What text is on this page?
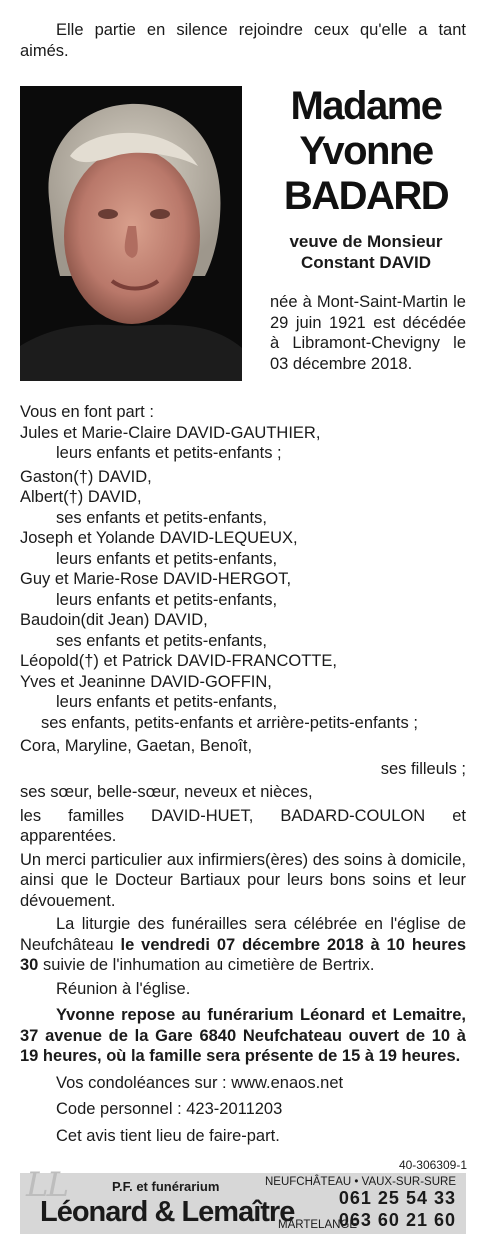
Elle partie en silence rejoindre ceux qu'elle a tant aimés.

Madame
Yvonne
BADARD
veuve de Monsieur
Constant DAVID

née à Mont-Saint-Martin le 29 juin 1921 est décédée à Libramont-Chevigny le 03 décembre 2018.

Vous en font part :

Jules et Marie-Claire DAVID-GAUTHIER,

leurs enfants et petits-enfants ;

Gaston(†) DAVID,

Albert(†) DAVID,

ses enfants et petits-enfants,

Joseph et Yolande DAVID-LEQUEUX,

leurs enfants et petits-enfants,

Guy et Marie-Rose DAVID-HERGOT,

leurs enfants et petits-enfants,

Baudoin(dit Jean) DAVID,

ses enfants et petits-enfants,

Léopold(†) et Patrick DAVID-FRANCOTTE,

Yves et Jeaninne DAVID-GOFFIN,

leurs enfants et petits-enfants,

ses enfants, petits-enfants et arrière-petits-enfants ;

Cora, Maryline, Gaetan, Benoît,

ses filleuls ;

ses sœur, belle-sœur, neveux et nièces,

les familles DAVID-HUET, BADARD-COULON et

apparentées.

Un merci particulier aux infirmiers(ères) des soins à domicile, ainsi que le Docteur Bartiaux pour leurs bons soins et leur dévouement.

La liturgie des funérailles sera célébrée en l'église de Neufchâteau le vendredi 07 décembre 2018 à 10 heures 30 suivie de l'inhumation au cimetière de Bertrix.

Réunion à l'église.

Yvonne repose au funérarium Léonard et Lemaitre, 37 avenue de la Gare 6840 Neufchateau ouvert de 10 à 19 heures, où la famille sera présente de 15 à 19 heures.

Vos condoléances sur : www.enaos.net

Code personnel : 423-2011203

Cet avis tient lieu de faire-part.

40-306309-1
LL	P.F. et funérarium
Léonard & Lemaître
NEUFCHÂTEAU • VAUX-SUR-SURE
061 25 54 33
MARTELANGE
063 60 21 60
